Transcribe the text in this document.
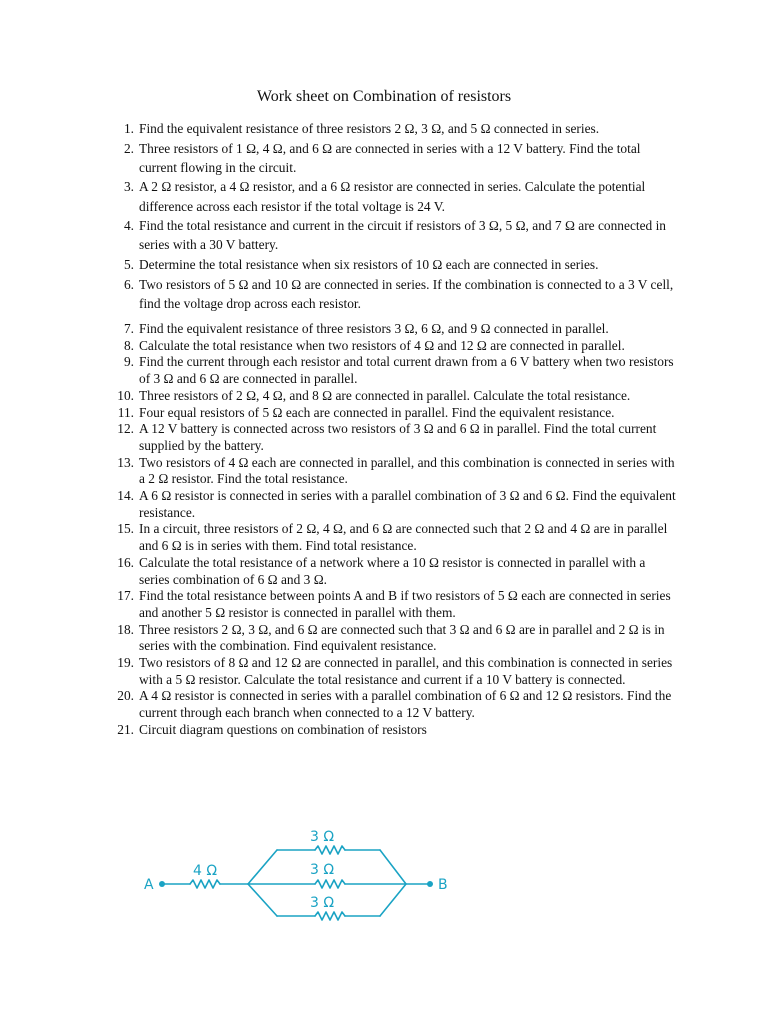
Work sheet on Combination of resistors
1. Find the equivalent resistance of three resistors 2 Ω, 3 Ω, and 5 Ω connected in series.
2. Three resistors of 1 Ω, 4 Ω, and 6 Ω are connected in series with a 12 V battery. Find the total current flowing in the circuit.
3. A 2 Ω resistor, a 4 Ω resistor, and a 6 Ω resistor are connected in series. Calculate the potential difference across each resistor if the total voltage is 24 V.
4. Find the total resistance and current in the circuit if resistors of 3 Ω, 5 Ω, and 7 Ω are connected in series with a 30 V battery.
5. Determine the total resistance when six resistors of 10 Ω each are connected in series.
6. Two resistors of 5 Ω and 10 Ω are connected in series. If the combination is connected to a 3 V cell, find the voltage drop across each resistor.
7. Find the equivalent resistance of three resistors 3 Ω, 6 Ω, and 9 Ω connected in parallel.
8. Calculate the total resistance when two resistors of 4 Ω and 12 Ω are connected in parallel.
9. Find the current through each resistor and total current drawn from a 6 V battery when two resistors of 3 Ω and 6 Ω are connected in parallel.
10. Three resistors of 2 Ω, 4 Ω, and 8 Ω are connected in parallel. Calculate the total resistance.
11. Four equal resistors of 5 Ω each are connected in parallel. Find the equivalent resistance.
12. A 12 V battery is connected across two resistors of 3 Ω and 6 Ω in parallel. Find the total current supplied by the battery.
13. Two resistors of 4 Ω each are connected in parallel, and this combination is connected in series with a 2 Ω resistor. Find the total resistance.
14. A 6 Ω resistor is connected in series with a parallel combination of 3 Ω and 6 Ω. Find the equivalent resistance.
15. In a circuit, three resistors of 2 Ω, 4 Ω, and 6 Ω are connected such that 2 Ω and 4 Ω are in parallel and 6 Ω is in series with them. Find total resistance.
16. Calculate the total resistance of a network where a 10 Ω resistor is connected in parallel with a series combination of 6 Ω and 3 Ω.
17. Find the total resistance between points A and B if two resistors of 5 Ω each are connected in series and another 5 Ω resistor is connected in parallel with them.
18. Three resistors 2 Ω, 3 Ω, and 6 Ω are connected such that 3 Ω and 6 Ω are in parallel and 2 Ω is in series with the combination. Find equivalent resistance.
19. Two resistors of 8 Ω and 12 Ω are connected in parallel, and this combination is connected in series with a 5 Ω resistor. Calculate the total resistance and current if a 10 V battery is connected.
20. A 4 Ω resistor is connected in series with a parallel combination of 6 Ω and 12 Ω resistors. Find the current through each branch when connected to a 12 V battery.
21. Circuit diagram questions on combination of resistors
A	B
4 Ω
3 Ω
3 Ω
3 Ω
